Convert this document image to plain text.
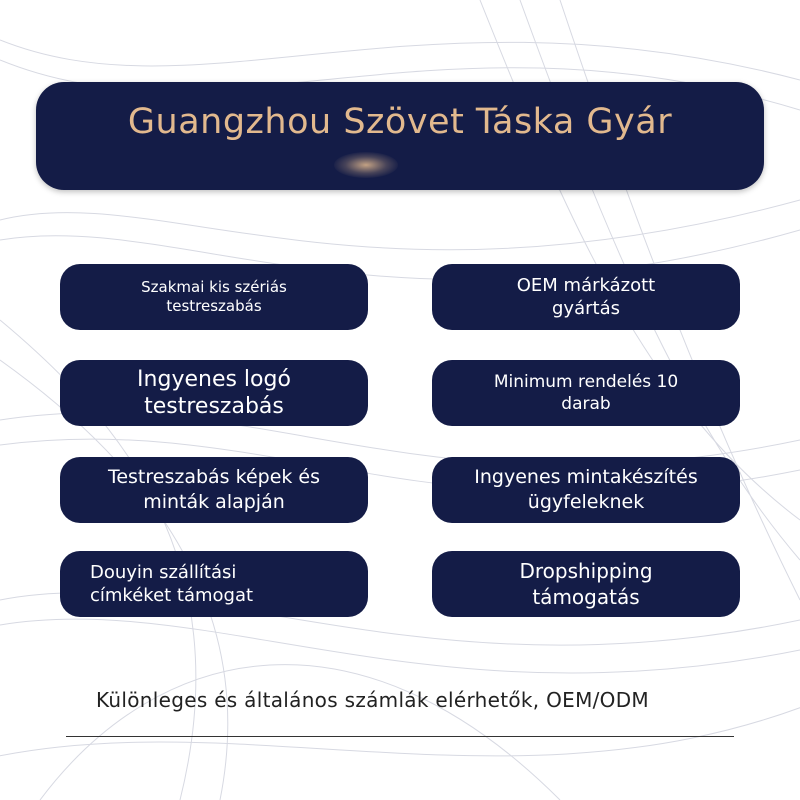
Guangzhou Szövet Táska Gyár
Szakmai kis szériás
testreszabás
Ingyenes logó
testreszabás
Testreszabás képek és
minták alapján
Douyin szállítási
címkéket támogat
OEM márkázott
gyártás
Minimum rendelés 10
darab
Ingyenes mintakészítés
ügyfeleknek
Dropshipping
támogatás
Különleges és általános számlák elérhetők, OEM/ODM
